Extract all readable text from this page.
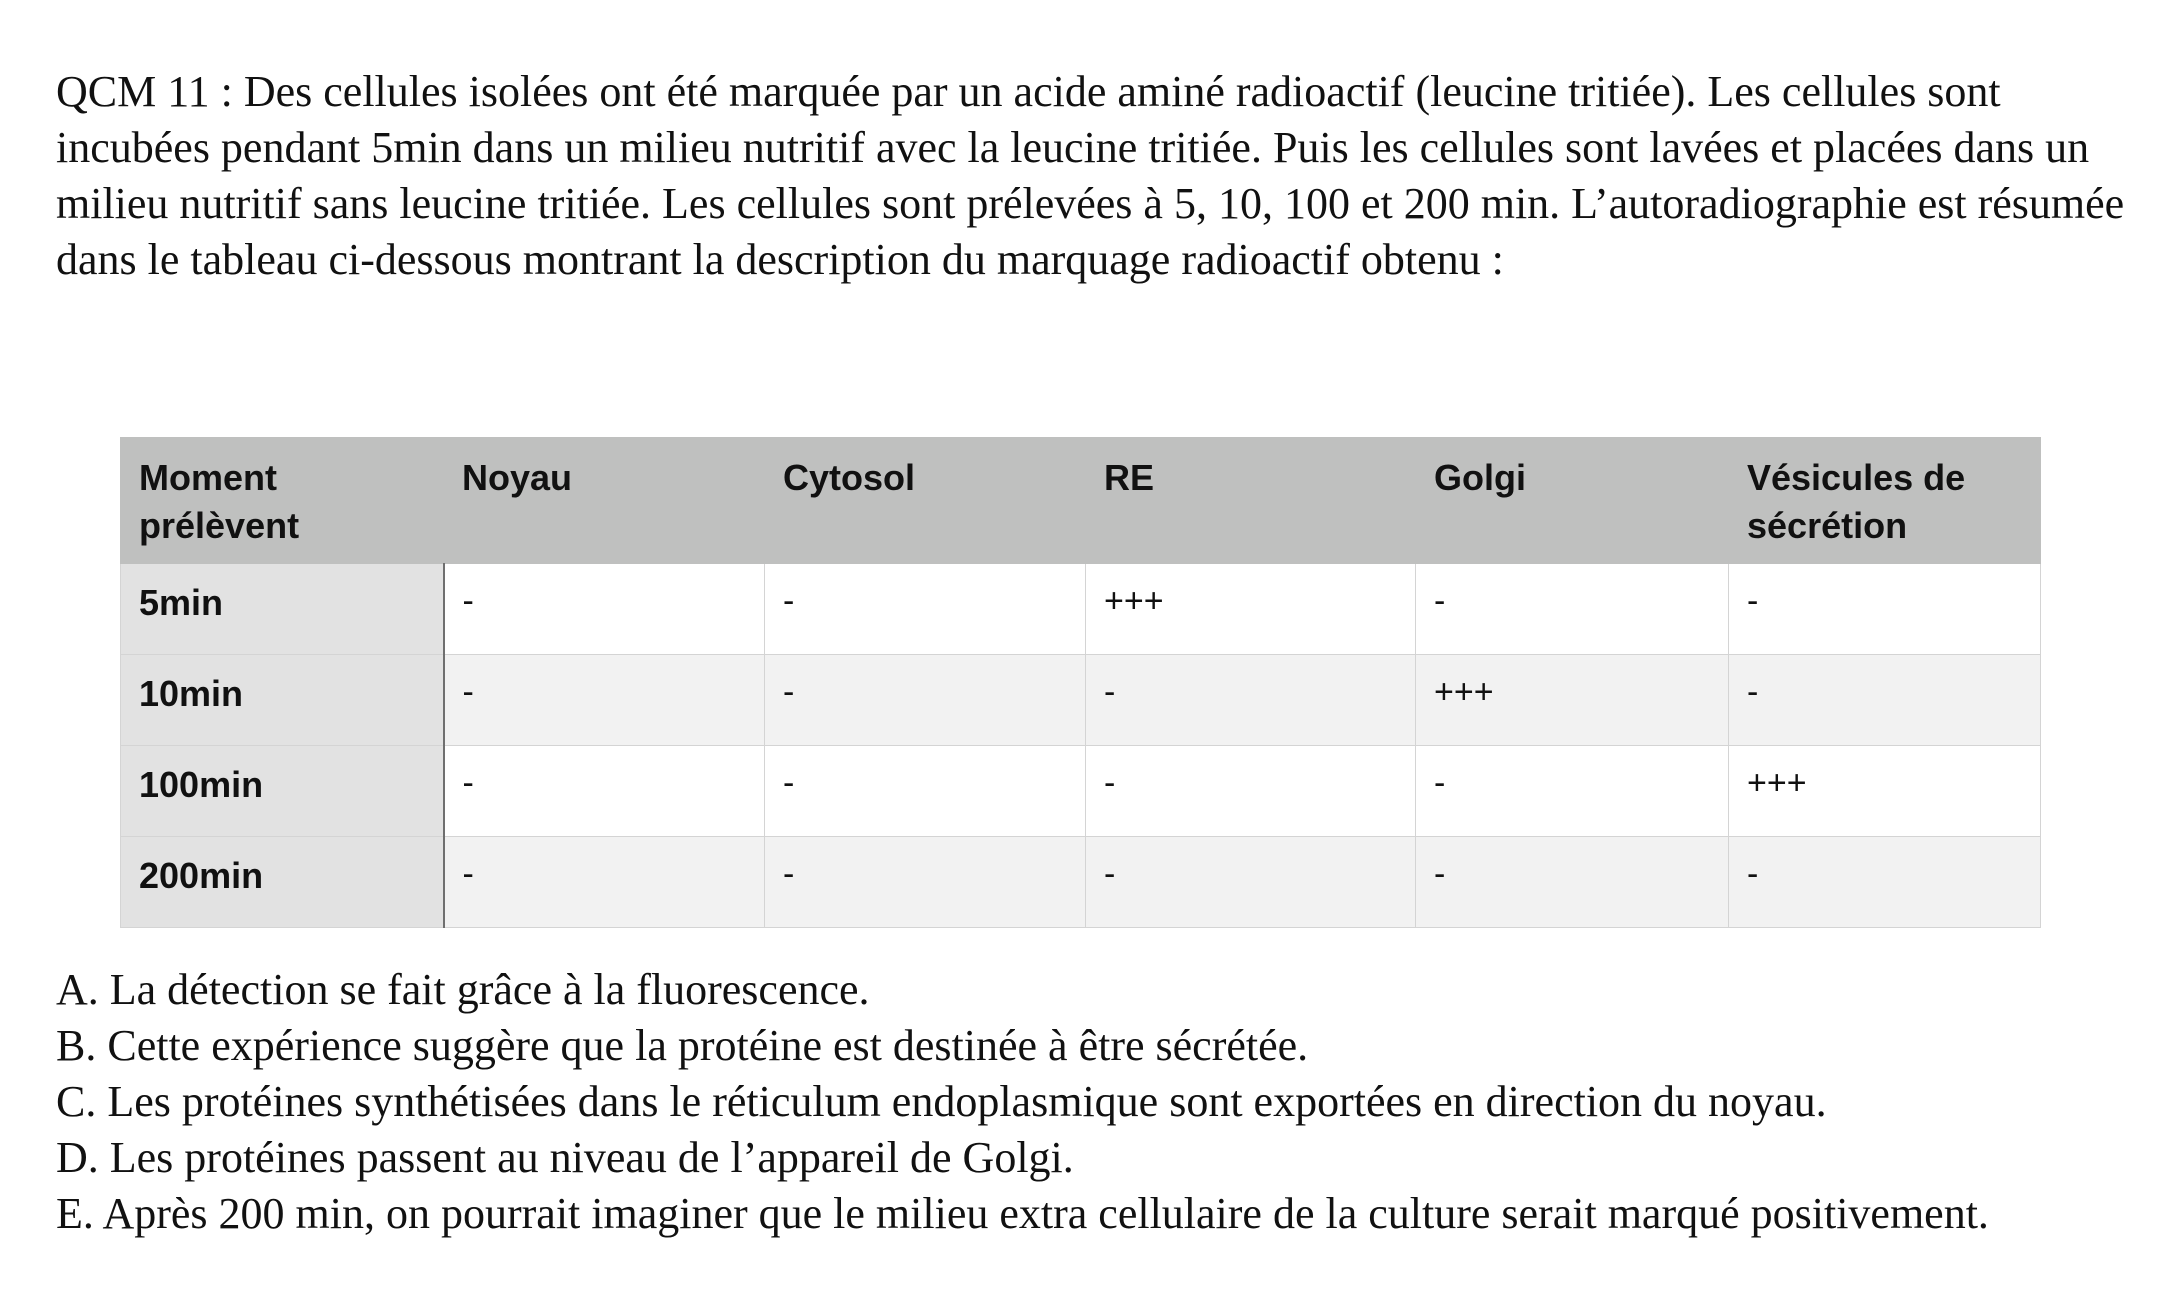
QCM 11 : Des cellules isolées ont été marquée par un acide aminé radioactif (leucine tritiée). Les cellules sont incubées pendant 5min dans un milieu nutritif avec la leucine tritiée. Puis les cellules sont lavées et placées dans un milieu nutritif sans leucine tritiée. Les cellules sont prélevées à 5, 10, 100 et 200 min. L’autoradiographie est résumée dans le tableau ci-dessous montrant la description du marquage radioactif obtenu :

Moment prélèvent	Noyau	Cytosol	RE	Golgi	Vésicules de sécrétion
5min	-	-	+++	-	-
10min	-	-	-	+++	-
100min	-	-	-	-	+++
200min	-	-	-	-	-
A. La détection se fait grâce à la fluorescence.
B. Cette expérience suggère que la protéine est destinée à être sécrétée.
C. Les protéines synthétisées dans le réticulum endoplasmique sont exportées en direction du noyau.
D. Les protéines passent au niveau de l’appareil de Golgi.
E. Après 200 min, on pourrait imaginer que le milieu extra cellulaire de la culture serait marqué positivement.
